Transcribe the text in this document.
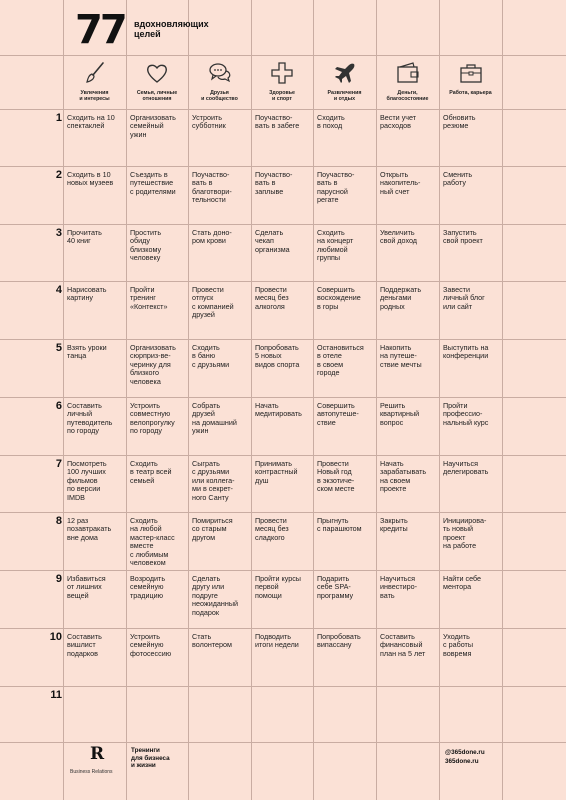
77 вдохновляющих
целей
Увлечения
и интересы
Семья, личные
отношения
Друзья
и сообщество
Здоровье
и спорт
Развлечения
и отдых
Деньги,
благосостояние
Работа, карьера
1
2
3
4
5
6
7
8
9
10
11
Сходить на 10
спектаклей
Организовать
семейный
ужин
Устроить
субботник
Поучаство-
вать в забеге
Сходить
в поход
Вести учет
расходов
Обновить
резюме
Сходить в 10
новых музеев
Съездить в
путешествие
с родителями
Поучаство-
вать в
благотвори-
тельности
Поучаство-
вать в
заплыве
Поучаство-
вать в
парусной
регате
Открыть
накопитель-
ный счет
Сменить
работу
Прочитать
40 книг
Простить
обиду
близкому
человеку
Стать доно-
ром крови
Сделать
чекап
организма
Сходить
на концерт
любимой
группы
Увеличить
свой доход
Запустить
свой проект
Нарисовать
картину
Пройти
тренинг
«Контекст»
Провести
отпуск
с компанией
друзей
Провести
месяц без
алкоголя
Совершить
восхождение
в горы
Поддержать
деньгами
родных
Завести
личный блог
или сайт
Взять уроки
танца
Организовать
сюрприз-ве-
черинку для
близкого
человека
Сходить
в баню
с друзьями
Попробовать
5 новых
видов спорта
Остановиться
в отеле
в своем
городе
Накопить
на путеше-
ствие мечты
Выступить на
конференции
Составить
личный
путеводитель
по городу
Устроить
совместную
велопрогулку
по городу
Собрать
друзей
на домашний
ужин
Начать
медитировать
Совершить
автопутеше-
ствие
Решить
квартирный
вопрос
Пройти
профессио-
нальный курс
Посмотреть
100 лучших
фильмов
по версии
IMDB
Сходить
в театр всей
семьей
Сыграть
с друзьями
или коллега-
ми в секрет-
ного Санту
Принимать
контрастный
душ
Провести
Новый год
в экзотиче-
ском месте
Начать
зарабатывать
на своем
проекте
Научиться
делегировать
12 раз
позавтракать
вне дома
Сходить
на любой
мастер-класс
вместе
с любимым
человеком
Помириться
со старым
другом
Провести
месяц без
сладкого
Прыгнуть
с парашютом
Закрыть
кредиты
Инициирова-
ть новый
проект
на работе
Избавиться
от лишних
вещей
Возродить
семейную
традицию
Сделать
другу или
подруге
неожиданный
подарок
Пройти курсы
первой
помощи
Подарить
себе SPA-
программу
Научиться
инвестиро-
вать
Найти себе
ментора
Составить
вишлист
подарков
Устроить
семейную
фотосессию
Стать
волонтером
Подводить
итоги недели
Попробовать
випассану
Составить
финансовый
план на 5 лет
Уходить
с работы
вовремя
R
Business Relations
Тренинги
для бизнеса
и жизни
@365done.ru
365done.ru
